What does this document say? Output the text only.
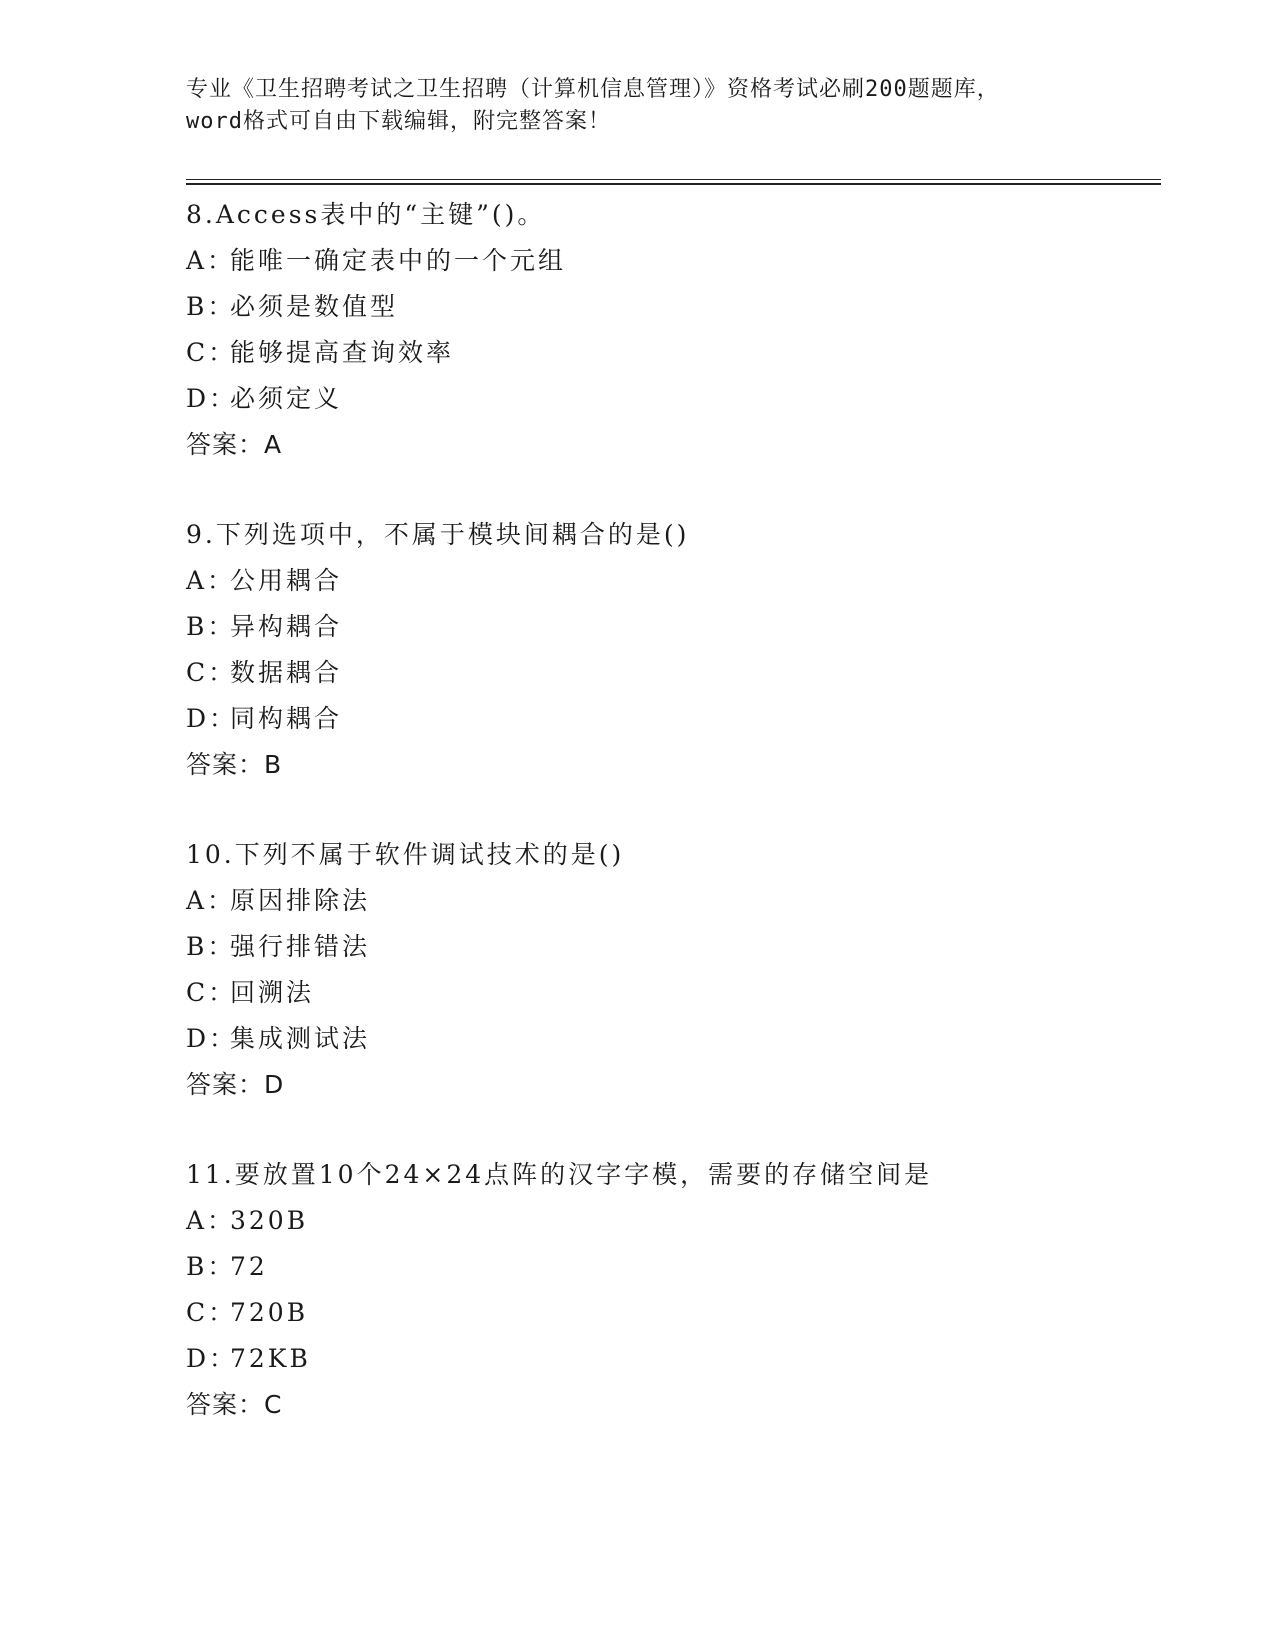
专业《卫生招聘考试之卫生招聘（计算机信息管理）》资格考试必刷200题题库，
word格式可自由下载编辑，附完整答案！
8.Access表中的“主键”()。
A：能唯一确定表中的一个元组
B：必须是数值型
C：能够提高查询效率
D：必须定义
答案：A
9.下列选项中，不属于模块间耦合的是()
A：公用耦合
B：异构耦合
C：数据耦合
D：同构耦合
答案：B
10.下列不属于软件调试技术的是()
A：原因排除法
B：强行排错法
C：回溯法
D：集成测试法
答案：D
11.要放置10个24×24点阵的汉字字模，需要的存储空间是
A：320B
B：72
C：720B
D：72KB
答案：C
